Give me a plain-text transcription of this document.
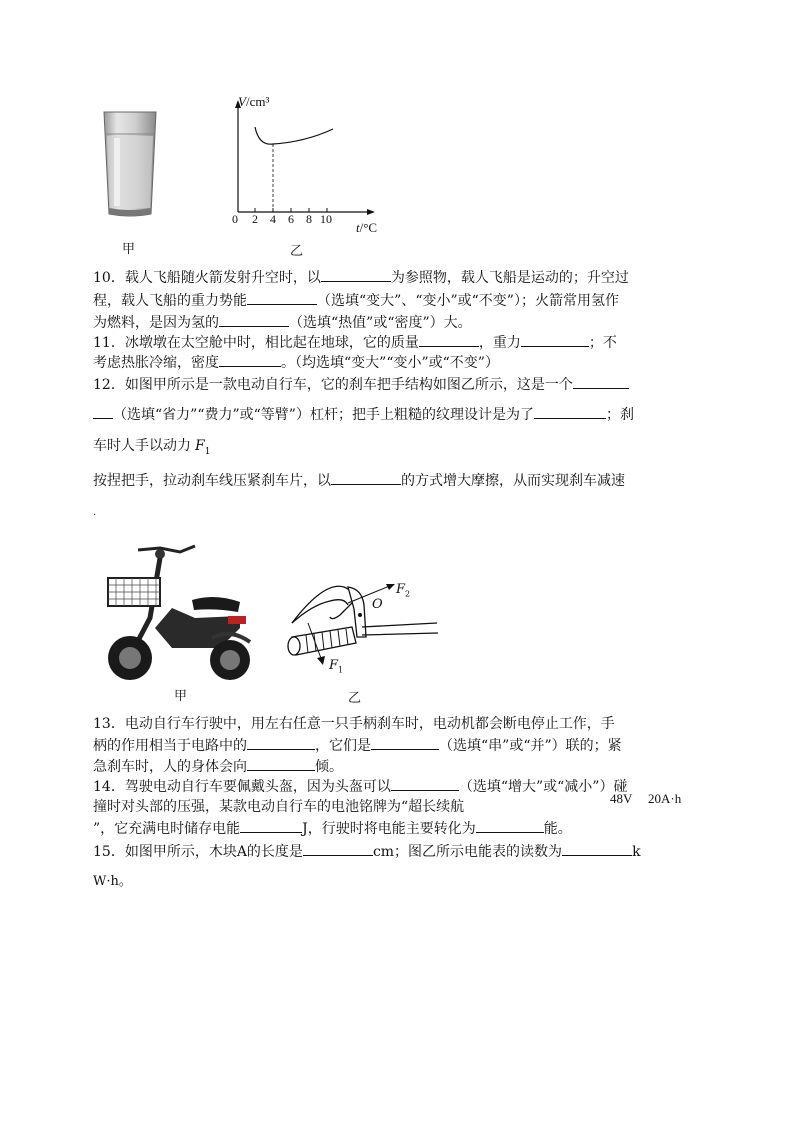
V/cm³
0 2 4 6 8 10
t/°C
甲	乙
10．载人飞船随火箭发射升空时，以	为参照物，载人飞船是运动的；升空过
程，载人飞船的重力势能	（选填“变大”、“变小”或“不变”）；火箭常用氢作
为燃料，是因为氢的	（选填“热值”或“密度”）大。
11．冰墩墩在太空舱中时，相比起在地球，它的质量	，重力	；不
考虑热胀冷缩，密度	。（均选填“变大”“变小”或“不变”）
12．如图甲所示是一款电动自行车，它的刹车把手结构如图乙所示，这是一个
（选填“省力”“费力”或“等臂”）杠杆；把手上粗糙的纹理设计是为了	；刹
车时人手以动力 $F_1$
按捏把手，拉动刹车线压紧刹车片，以	的方式增大摩擦，从而实现刹车减速
.
$F_2$
O
$F_1$
甲	乙
13．电动自行车行驶中，用左右任意一只手柄刹车时，电动机都会断电停止工作，手
柄的作用相当于电路中的	，它们是	（选填“串”或“并”）联的；紧
急刹车时，人的身体会向	倾。
14．驾驶电动自行车要佩戴头盔，因为头盔可以	（选填“增大”或“减小”）碰
撞时对头部的压强，某款电动自行车的电池铭牌为“超长续航
48V 20A·h
”，它充满电时储存电能	J，行驶时将电能主要转化为	能。
15．如图甲所示，木块A的长度是	cm；图乙所示电能表的读数为	k
W·h。
